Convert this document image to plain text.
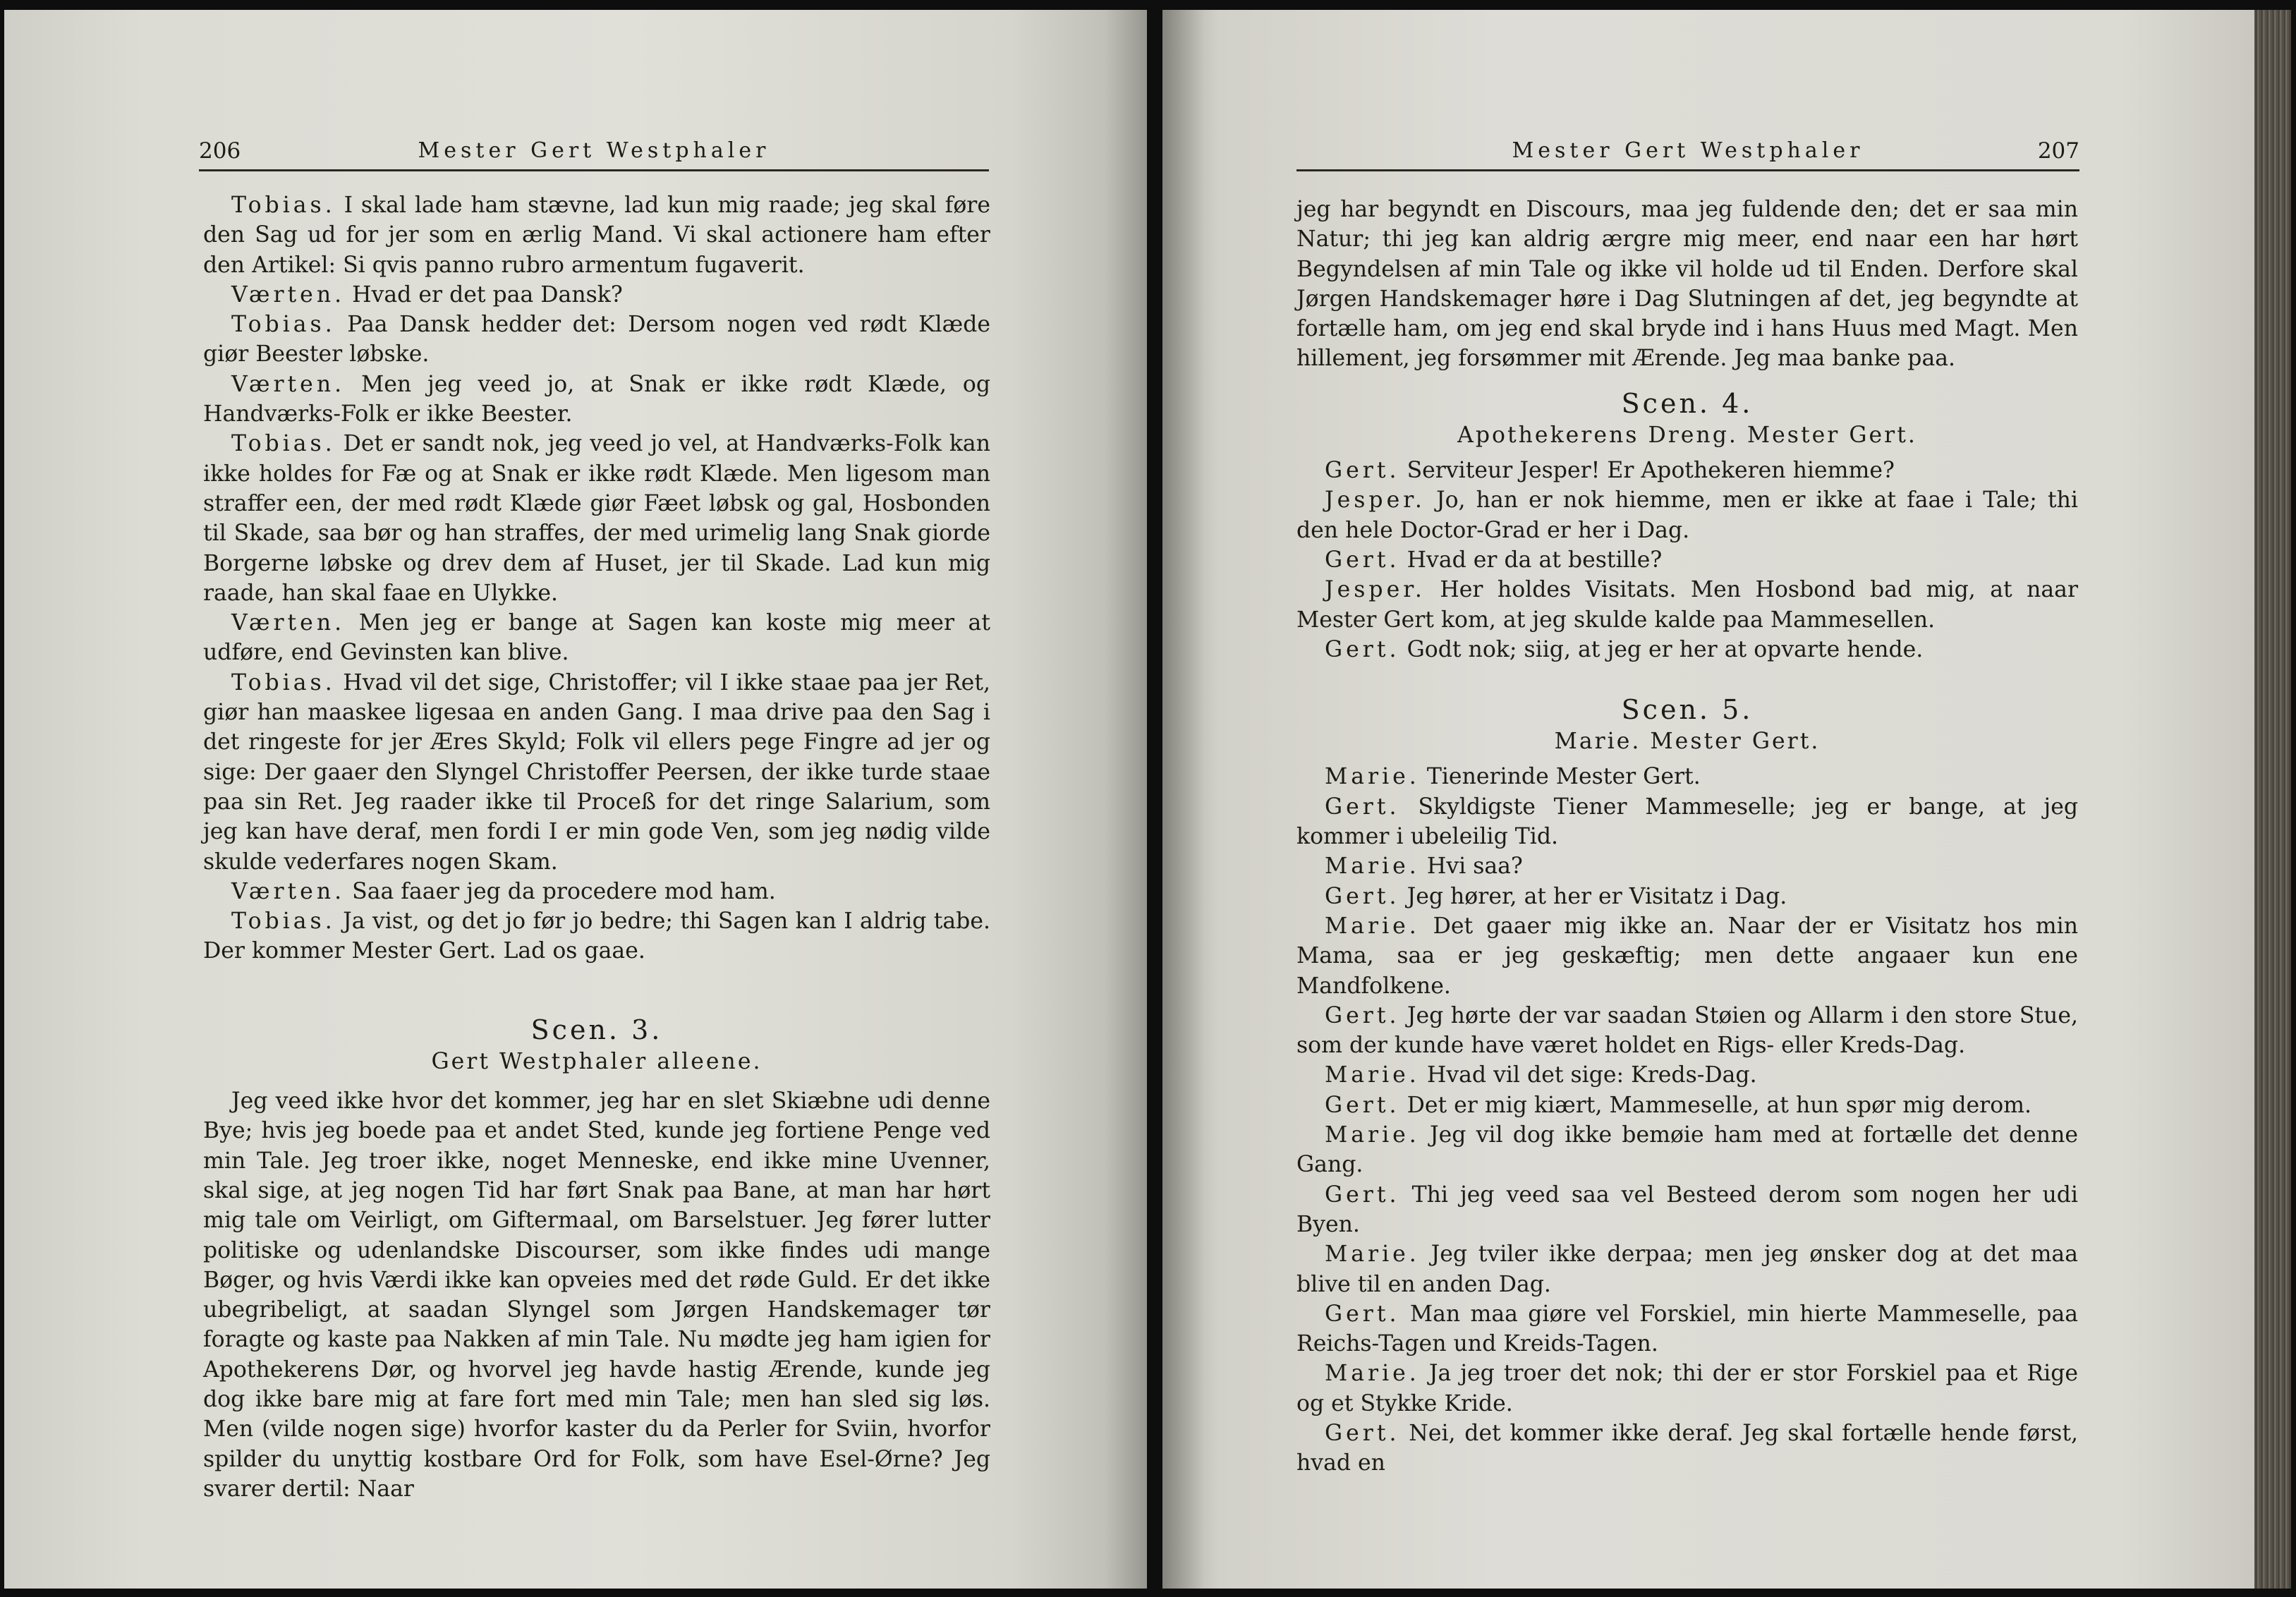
206	Mester Gert Westphaler

Tobias. I skal lade ham stævne, lad kun mig raade; jeg skal føre den Sag ud for jer som en ærlig Mand. Vi skal actionere ham efter den Artikel: Si qvis panno rubro armentum fugaverit.

Værten. Hvad er det paa Dansk?

Tobias. Paa Dansk hedder det: Dersom nogen ved rødt Klæde giør Beester løbske.

Værten. Men jeg veed jo, at Snak er ikke rødt Klæde, og Handværks-Folk er ikke Beester.

Tobias. Det er sandt nok, jeg veed jo vel, at Handværks-Folk kan ikke holdes for Fæ og at Snak er ikke rødt Klæde. Men ligesom man straffer een, der med rødt Klæde giør Fæet løbsk og gal, Hosbonden til Skade, saa bør og han straffes, der med urimelig lang Snak giorde Borgerne løbske og drev dem af Huset, jer til Skade. Lad kun mig raade, han skal faae en Ulykke.

Værten. Men jeg er bange at Sagen kan koste mig meer at udføre, end Gevinsten kan blive.

Tobias. Hvad vil det sige, Christoffer; vil I ikke staae paa jer Ret, giør han maaskee ligesaa en anden Gang. I maa drive paa den Sag i det ringeste for jer Æres Skyld; Folk vil ellers pege Fingre ad jer og sige: Der gaaer den Slyngel Christoffer Peersen, der ikke turde staae paa sin Ret. Jeg raader ikke til Proceß for det ringe Salarium, som jeg kan have deraf, men fordi I er min gode Ven, som jeg nødig vilde skulde vederfares nogen Skam.

Værten. Saa faaer jeg da procedere mod ham.

Tobias. Ja vist, og det jo før jo bedre; thi Sagen kan I aldrig tabe. Der kommer Mester Gert. Lad os gaae.

Scen. 3.

Gert Westphaler alleene.

Jeg veed ikke hvor det kommer, jeg har en slet Skiæbne udi denne Bye; hvis jeg boede paa et andet Sted, kunde jeg fortiene Penge ved min Tale. Jeg troer ikke, noget Menneske, end ikke mine Uvenner, skal sige, at jeg nogen Tid har ført Snak paa Bane, at man har hørt mig tale om Veirligt, om Giftermaal, om Barselstuer. Jeg fører lutter politiske og udenlandske Discourser, som ikke findes udi mange Bøger, og hvis Værdi ikke kan opveies med det røde Guld. Er det ikke ubegribeligt, at saadan Slyngel som Jørgen Handskemager tør foragte og kaste paa Nakken af min Tale. Nu mødte jeg ham igien for Apothekerens Dør, og hvorvel jeg havde hastig Ærende, kunde jeg dog ikke bare mig at fare fort med min Tale; men han sled sig løs. Men (vilde nogen sige) hvorfor kaster du da Perler for Sviin, hvorfor spilder du unyttig kostbare Ord for Folk, som have Esel-Ørne? Jeg svarer dertil: Naar

Mester Gert Westphaler	207

jeg har begyndt en Discours, maa jeg fuldende den; det er saa min Natur; thi jeg kan aldrig ærgre mig meer, end naar een har hørt Begyndelsen af min Tale og ikke vil holde ud til Enden. Derfore skal Jørgen Handskemager høre i Dag Slutningen af det, jeg begyndte at fortælle ham, om jeg end skal bryde ind i hans Huus med Magt. Men hillement, jeg forsømmer mit Ærende. Jeg maa banke paa.

Scen. 4.

Apothekerens Dreng. Mester Gert.

Gert. Serviteur Jesper! Er Apothekeren hiemme?

Jesper. Jo, han er nok hiemme, men er ikke at faae i Tale; thi den hele Doctor-Grad er her i Dag.

Gert. Hvad er da at bestille?

Jesper. Her holdes Visitats. Men Hosbond bad mig, at naar Mester Gert kom, at jeg skulde kalde paa Mammesellen.

Gert. Godt nok; siig, at jeg er her at opvarte hende.

Scen. 5.

Marie. Mester Gert.

Marie. Tienerinde Mester Gert.

Gert. Skyldigste Tiener Mammeselle; jeg er bange, at jeg kommer i ubeleilig Tid.

Marie. Hvi saa?

Gert. Jeg hører, at her er Visitatz i Dag.

Marie. Det gaaer mig ikke an. Naar der er Visitatz hos min Mama, saa er jeg geskæftig; men dette angaaer kun ene Mandfolkene.

Gert. Jeg hørte der var saadan Støien og Allarm i den store Stue, som der kunde have været holdet en Rigs- eller Kreds-Dag.

Marie. Hvad vil det sige: Kreds-Dag.

Gert. Det er mig kiært, Mammeselle, at hun spør mig derom.

Marie. Jeg vil dog ikke bemøie ham med at fortælle det denne Gang.

Gert. Thi jeg veed saa vel Besteed derom som nogen her udi Byen.

Marie. Jeg tviler ikke derpaa; men jeg ønsker dog at det maa blive til en anden Dag.

Gert. Man maa giøre vel Forskiel, min hierte Mammeselle, paa Reichs-Tagen und Kreids-Tagen.

Marie. Ja jeg troer det nok; thi der er stor Forskiel paa et Rige og et Stykke Kride.

Gert. Nei, det kommer ikke deraf. Jeg skal fortælle hende først, hvad en
